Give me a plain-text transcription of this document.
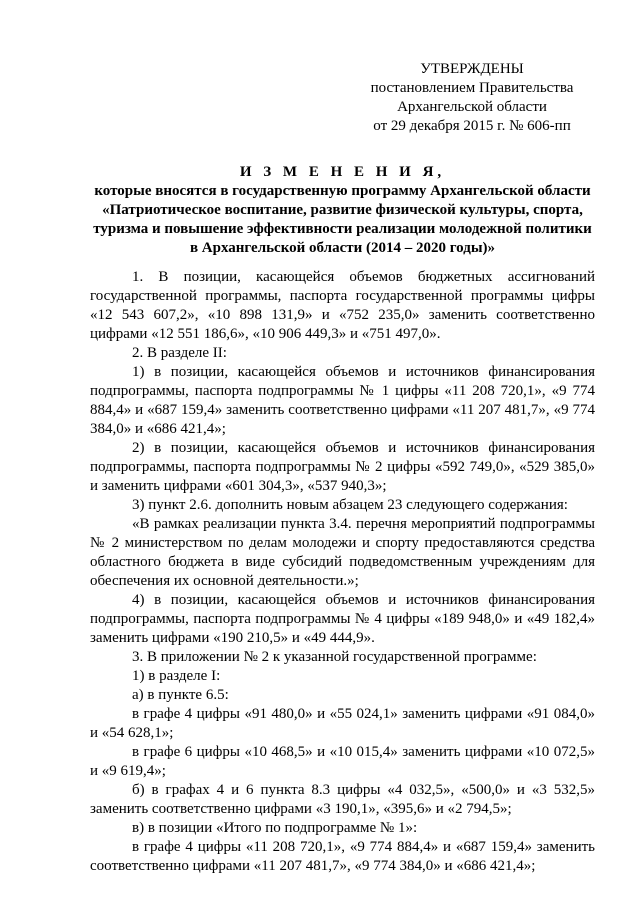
УТВЕРЖДЕНЫ
постановлением Правительства
Архангельской области
от 29 декабря 2015 г. № 606-пп
И З М Е Н Е Н И Я,
которые вносятся в государственную программу Архангельской области
«Патриотическое воспитание, развитие физической культуры, спорта, туризма и повышение эффективности реализации молодежной политики в Архангельской области (2014 – 2020 годы)»

1. В позиции, касающейся объемов бюджетных ассигнований государственной программы, паспорта государственной программы цифры «12 543 607,2», «10 898 131,9» и «752 235,0» заменить соответственно цифрами «12 551 186,6», «10 906 449,3» и «751 497,0».

2. В разделе II:

1) в позиции, касающейся объемов и источников финансирования подпрограммы, паспорта подпрограммы № 1 цифры «11 208 720,1», «9 774 884,4» и «687 159,4» заменить соответственно цифрами «11 207 481,7», «9 774 384,0» и «686 421,4»;

2) в позиции, касающейся объемов и источников финансирования подпрограммы, паспорта подпрограммы № 2 цифры «592 749,0», «529 385,0» и заменить цифрами «601 304,3», «537 940,3»;

3) пункт 2.6. дополнить новым абзацем 23 следующего содержания:

«В рамках реализации пункта 3.4. перечня мероприятий подпрограммы № 2 министерством по делам молодежи и спорту предоставляются средства областного бюджета в виде субсидий подведомственным учреждениям для обеспечения их основной деятельности.»;

4) в позиции, касающейся объемов и источников финансирования подпрограммы, паспорта подпрограммы № 4 цифры «189 948,0» и «49 182,4» заменить цифрами «190 210,5» и «49 444,9».

3. В приложении № 2 к указанной государственной программе:

1) в разделе I:

а) в пункте 6.5:

в графе 4 цифры «91 480,0» и «55 024,1» заменить цифрами «91 084,0» и «54 628,1»;

в графе 6 цифры «10 468,5» и «10 015,4» заменить цифрами «10 072,5» и «9 619,4»;

б) в графах 4 и 6 пункта 8.3 цифры «4 032,5», «500,0» и «3 532,5» заменить соответственно цифрами «3 190,1», «395,6» и «2 794,5»;

в) в позиции «Итого по подпрограмме № 1»:

в графе 4 цифры «11 208 720,1», «9 774 884,4» и «687 159,4» заменить соответственно цифрами «11 207 481,7», «9 774 384,0» и «686 421,4»;
